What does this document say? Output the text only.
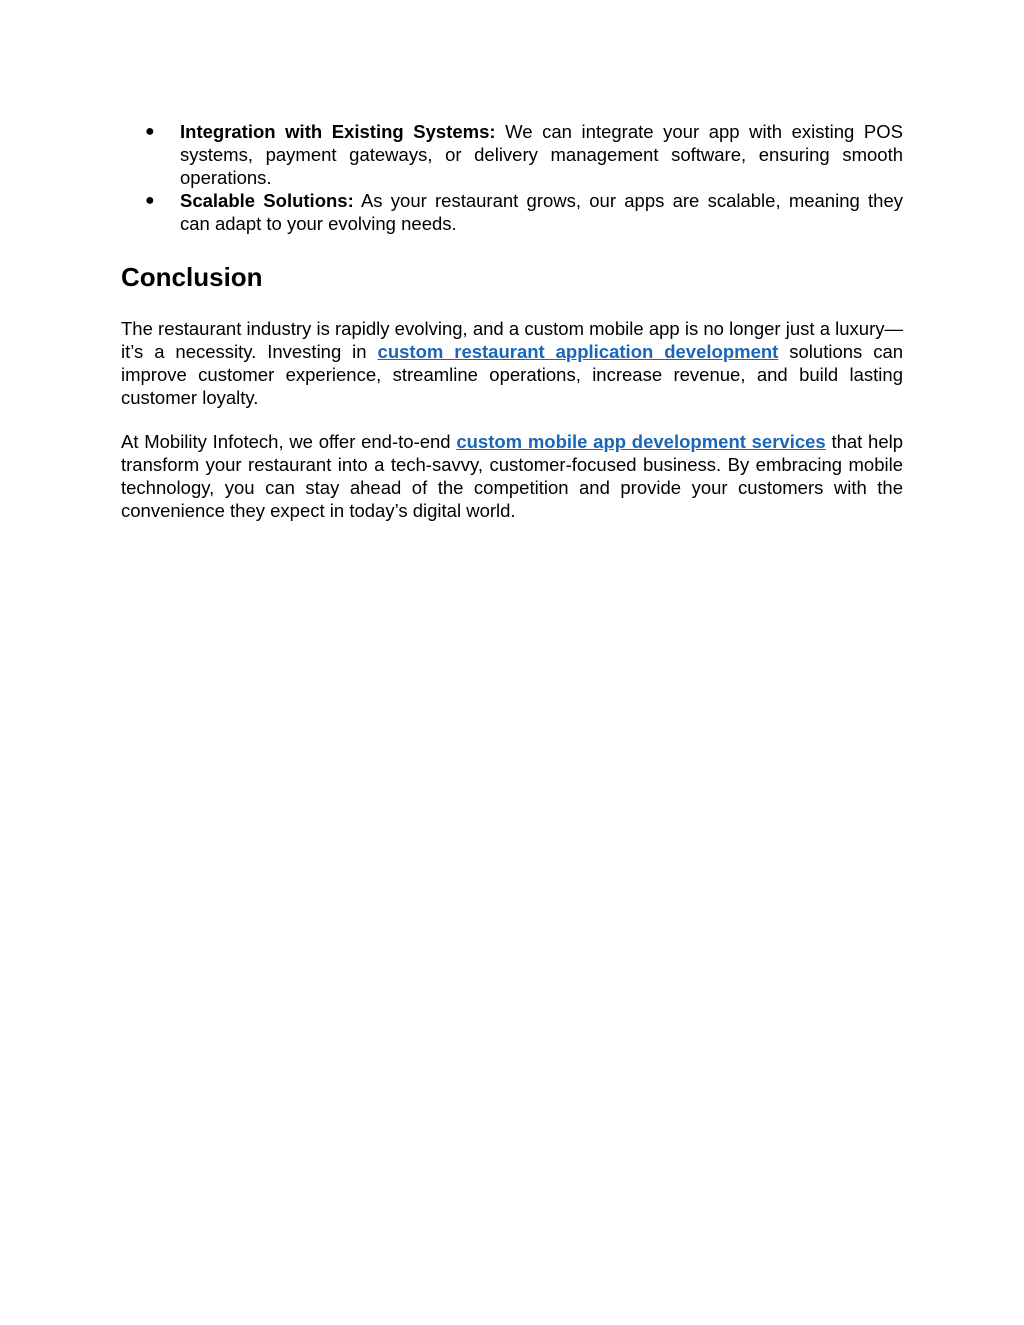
● Integration with Existing Systems: We can integrate your app with existing POS systems, payment gateways, or delivery management software, ensuring smooth operations.
● Scalable Solutions: As your restaurant grows, our apps are scalable, meaning they can adapt to your evolving needs.
Conclusion

The restaurant industry is rapidly evolving, and a custom mobile app is no longer just a luxury—it’s a necessity. Investing in custom restaurant application development solutions can improve customer experience, streamline operations, increase revenue, and build lasting customer loyalty.

At Mobility Infotech, we offer end-to-end custom mobile app development services that help transform your restaurant into a tech-savvy, customer-focused business. By embracing mobile technology, you can stay ahead of the competition and provide your customers with the convenience they expect in today’s digital world.
